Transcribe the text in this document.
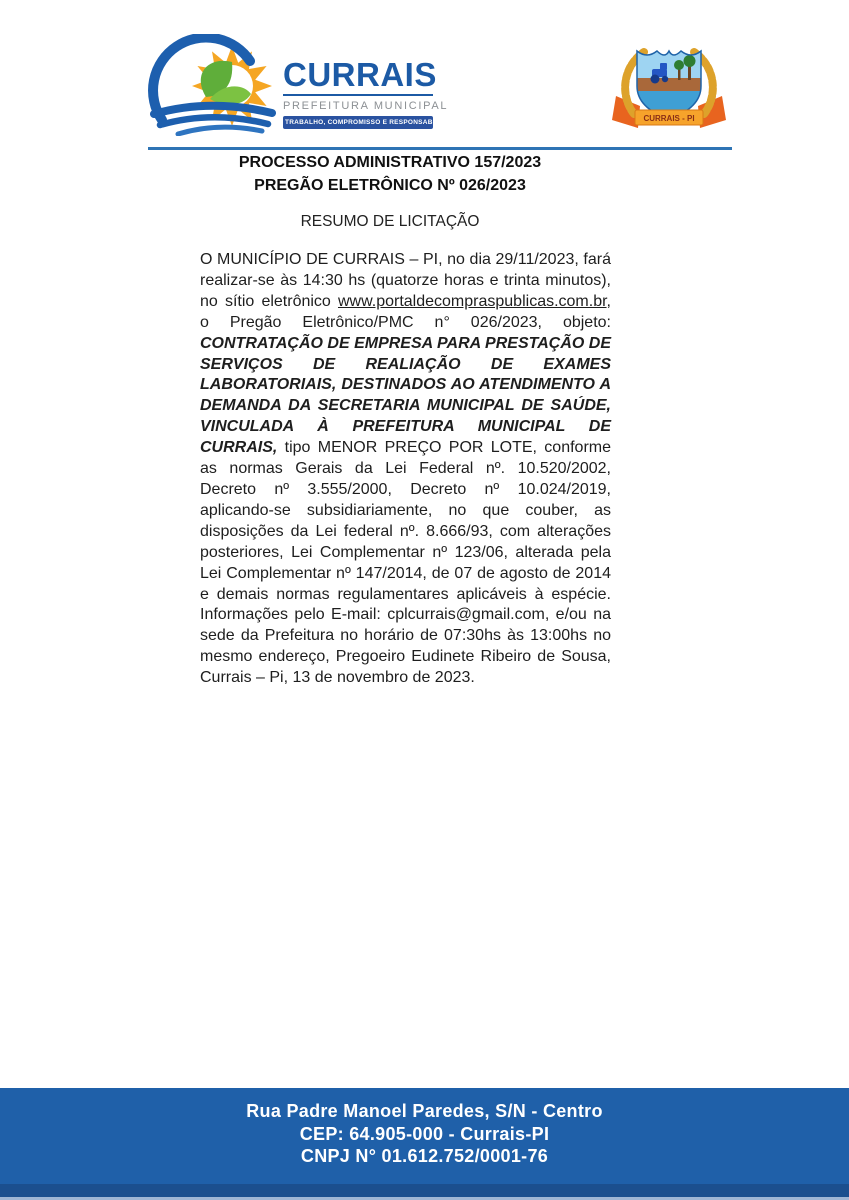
CURRAIS
PREFEITURA MUNICIPAL
TRABALHO, COMPROMISSO E RESPONSABILIDADE	CURRAIS - PI
PROCESSO ADMINISTRATIVO 157/2023
PREGÃO ELETRÔNICO Nº 026/2023
RESUMO DE LICITAÇÃO

O MUNICÍPIO DE CURRAIS – PI, no dia 29/11/2023, fará realizar-se às 14:30 hs (quatorze horas e trinta minutos), no sítio eletrônico www.portaldecompraspublicas.com.br, o Pregão Eletrônico/PMC n° 026/2023, objeto: CONTRATAÇÃO DE EMPRESA PARA PRESTAÇÃO DE SERVIÇOS DE REALIAÇÃO DE EXAMES LABORATORIAIS, DESTINADOS AO ATENDIMENTO A DEMANDA DA SECRETARIA MUNICIPAL DE SAÚDE, VINCULADA À PREFEITURA MUNICIPAL DE CURRAIS, tipo MENOR PREÇO POR LOTE, conforme as normas Gerais da Lei Federal nº. 10.520/2002, Decreto nº 3.555/2000, Decreto nº 10.024/2019, aplicando-se subsidiariamente, no que couber, as disposições da Lei federal nº. 8.666/93, com alterações posteriores, Lei Complementar nº 123/06, alterada pela Lei Complementar nº 147/2014, de 07 de agosto de 2014 e demais normas regulamentares aplicáveis à espécie. Informações pelo E-mail: cplcurrais@gmail.com, e/ou na sede da Prefeitura no horário de 07:30hs às 13:00hs no mesmo endereço, Pregoeiro Eudinete Ribeiro de Sousa, Currais – Pi, 13 de novembro de 2023.

Rua Padre Manoel Paredes, S/N - Centro
CEP: 64.905-000 - Currais-PI
CNPJ N° 01.612.752/0001-76
